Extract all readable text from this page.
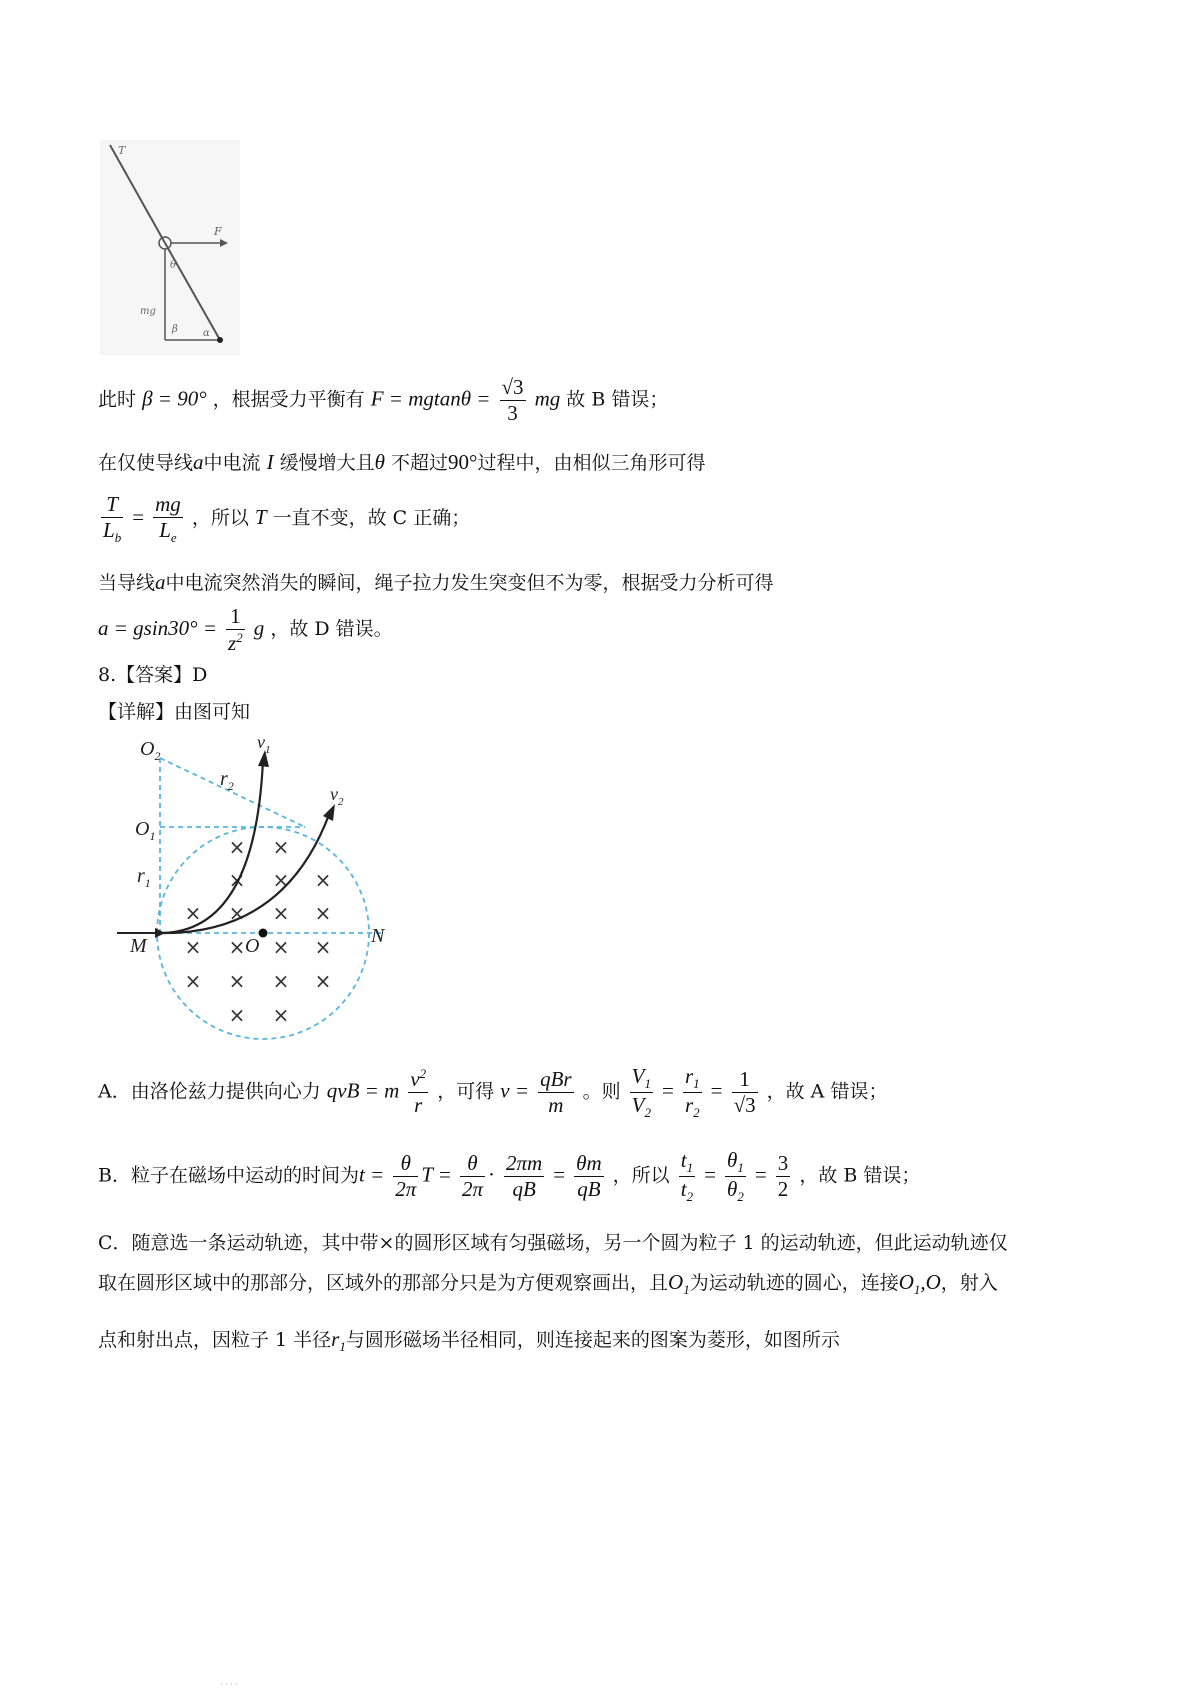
T
F
θ
mg
β	α
此时 β = 90° ，根据受力平衡有 $F = mgtan\theta = \frac{√3}{3}$ mg 故 B 错误；
在仅使导线a中电流 I 缓慢增大且θ 不超过90°过程中，由相似三角形可得
$\frac{T}{L_b} = \frac{mg}{L_e}$ ，所以 T 一直不变，故 C 正确；
当导线a中电流突然消失的瞬间，绳子拉力发生突变但不为零，根据受力分析可得
$a = gsin30^\circ = \frac{1}{z^2}$ g ，故 D 错误。
8.【答案】D
【详解】由图可知
× ×
× × ×
× × × ×
× × × ×
× × × ×
× ×
$O_2$
$O_1$
$r_1$
$r_2$
$v_1$
$v_2$
M	O	N
A．由洛伦兹力提供向心力 qvB = m $\frac{v^2}{r}$ ，可得 $v = \frac{\text{qBr}}{m}$ 。则 $\frac{V_1}{V_2} = \frac{r_1}{r_2} = \frac{1}{√3}$ ，故 A 错误；
B．粒子在磁场中运动的时间为$t = \frac{\theta}{2\pi}$ $T = \frac{\theta}{2\pi} \cdot \frac{2\pi m}{qB} = \frac{\theta m}{qB}$ ，所以 $\frac{t_1}{t_2} = \frac{\theta_1}{\theta_2} = \frac{3}{2}$ ，故 B 错误；
C．随意选一条运动轨迹，其中带×的圆形区域有匀强磁场，另一个圆为粒子 1 的运动轨迹，但此运动轨迹仅
取在圆形区域中的那部分，区域外的那部分只是为方便观察画出，且$O_1$为运动轨迹的圆心，连接$O_1,O$，射入
点和射出点，因粒子 1 半径$r_1$与圆形磁场半径相同，则连接起来的图案为菱形，如图所示
· · · ·
